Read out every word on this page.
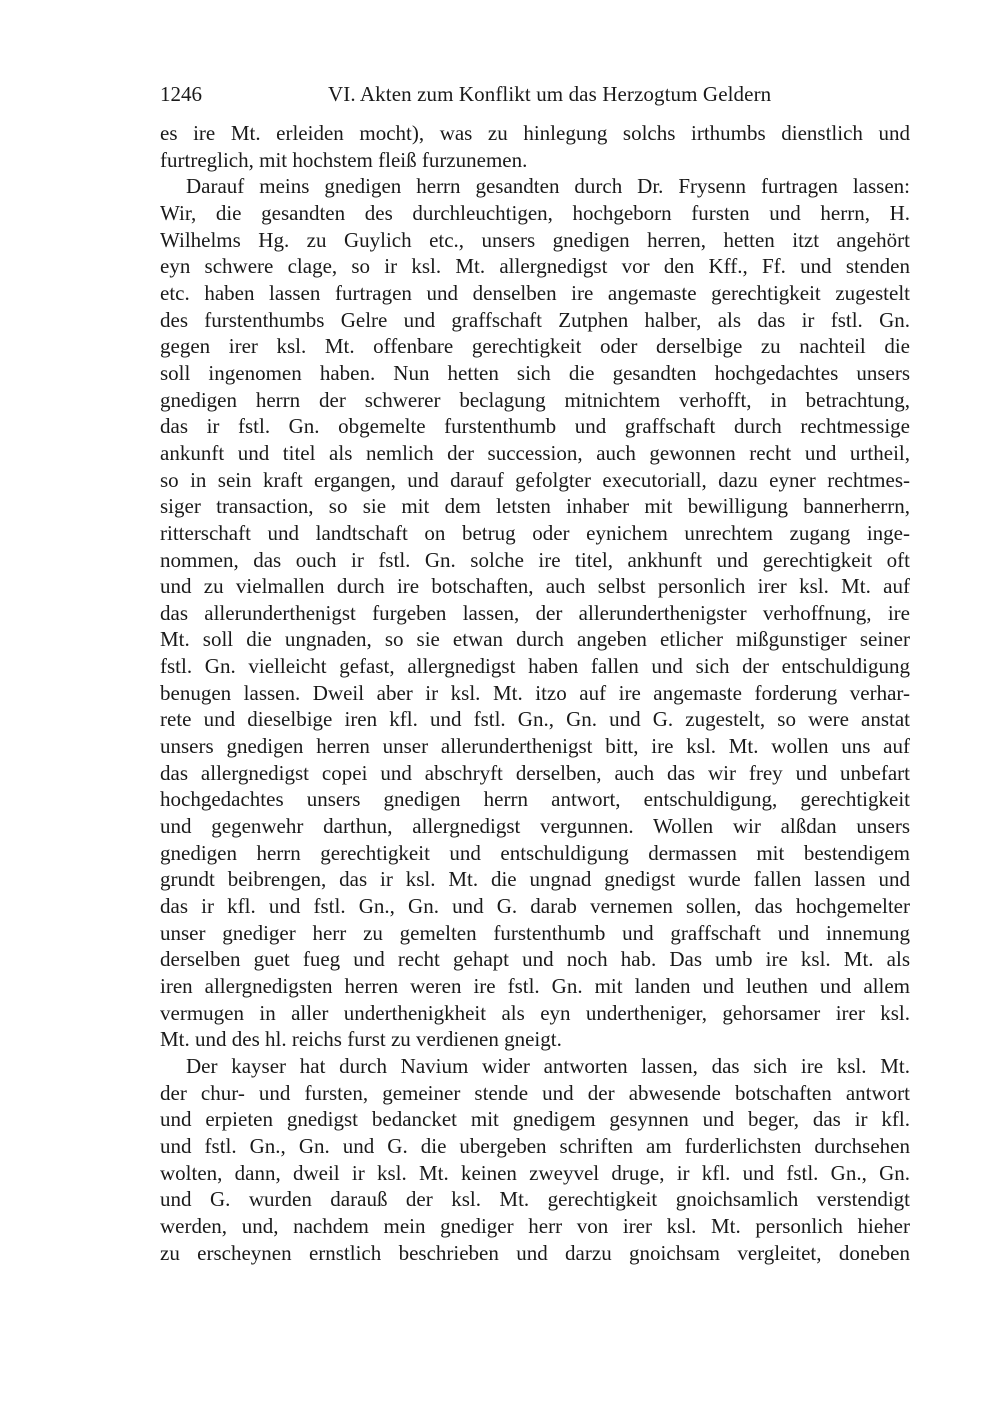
1246	VI. Akten zum Konflikt um das Herzogtum Geldern

es ire Mt. erleiden mocht), was zu hinlegung solchs irthumbs dienstlich und

furtreglich, mit hochstem fleiß furzunemen.

Darauf meins gnedigen herrn gesandten durch Dr. Frysenn furtragen lassen:

Wir, die gesandten des durchleuchtigen, hochgeborn fursten und herrn, H.

Wilhelms Hg. zu Guylich etc., unsers gnedigen herren, hetten itzt angehört

eyn schwere clage, so ir ksl. Mt. allergnedigst vor den Kff., Ff. und stenden

etc. haben lassen furtragen und denselben ire angemaste gerechtigkeit zugestelt

des furstenthumbs Gelre und graffschaft Zutphen halber, als das ir fstl. Gn.

gegen irer ksl. Mt. offenbare gerechtigkeit oder derselbige zu nachteil die

soll ingenomen haben. Nun hetten sich die gesandten hochgedachtes unsers

gnedigen herrn der schwerer beclagung mitnichtem verhofft, in betrachtung,

das ir fstl. Gn. obgemelte furstenthumb und graffschaft durch rechtmessige

ankunft und titel als nemlich der succession, auch gewonnen recht und urtheil,

so in sein kraft ergangen, und darauf gefolgter executoriall, dazu eyner rechtmes-

siger transaction, so sie mit dem letsten inhaber mit bewilligung bannerherrn,

ritterschaft und landtschaft on betrug oder eynichem unrechtem zugang inge-

nommen, das ouch ir fstl. Gn. solche ire titel, ankhunft und gerechtigkeit oft

und zu vielmallen durch ire botschaften, auch selbst personlich irer ksl. Mt. auf

das allerunderthenigst furgeben lassen, der allerunderthenigster verhoffnung, ire

Mt. soll die ungnaden, so sie etwan durch angeben etlicher mißgunstiger seiner

fstl. Gn. vielleicht gefast, allergnedigst haben fallen und sich der entschuldigung

benugen lassen. Dweil aber ir ksl. Mt. itzo auf ire angemaste forderung verhar-

rete und dieselbige iren kfl. und fstl. Gn., Gn. und G. zugestelt, so were anstat

unsers gnedigen herren unser allerunderthenigst bitt, ire ksl. Mt. wollen uns auf

das allergnedigst copei und abschryft derselben, auch das wir frey und unbefart

hochgedachtes unsers gnedigen herrn antwort, entschuldigung, gerechtigkeit

und gegenwehr darthun, allergnedigst vergunnen. Wollen wir alßdan unsers

gnedigen herrn gerechtigkeit und entschuldigung dermassen mit bestendigem

grundt beibrengen, das ir ksl. Mt. die ungnad gnedigst wurde fallen lassen und

das ir kfl. und fstl. Gn., Gn. und G. darab vernemen sollen, das hochgemelter

unser gnediger herr zu gemelten furstenthumb und graffschaft und innemung

derselben guet fueg und recht gehapt und noch hab. Das umb ire ksl. Mt. als

iren allergnedigsten herren weren ire fstl. Gn. mit landen und leuthen und allem

vermugen in aller underthenigkheit als eyn undertheniger, gehorsamer irer ksl.

Mt. und des hl. reichs furst zu verdienen gneigt.

Der kayser hat durch Navium wider antworten lassen, das sich ire ksl. Mt.

der chur- und fursten, gemeiner stende und der abwesende botschaften antwort

und erpieten gnedigst bedancket mit gnedigem gesynnen und beger, das ir kfl.

und fstl. Gn., Gn. und G. die ubergeben schriften am furderlichsten durchsehen

wolten, dann, dweil ir ksl. Mt. keinen zweyvel druge, ir kfl. und fstl. Gn., Gn.

und G. wurden darauß der ksl. Mt. gerechtigkeit gnoichsamlich verstendigt

werden, und, nachdem mein gnediger herr von irer ksl. Mt. personlich hieher

zu erscheynen ernstlich beschrieben und darzu gnoichsam vergleitet, doneben
